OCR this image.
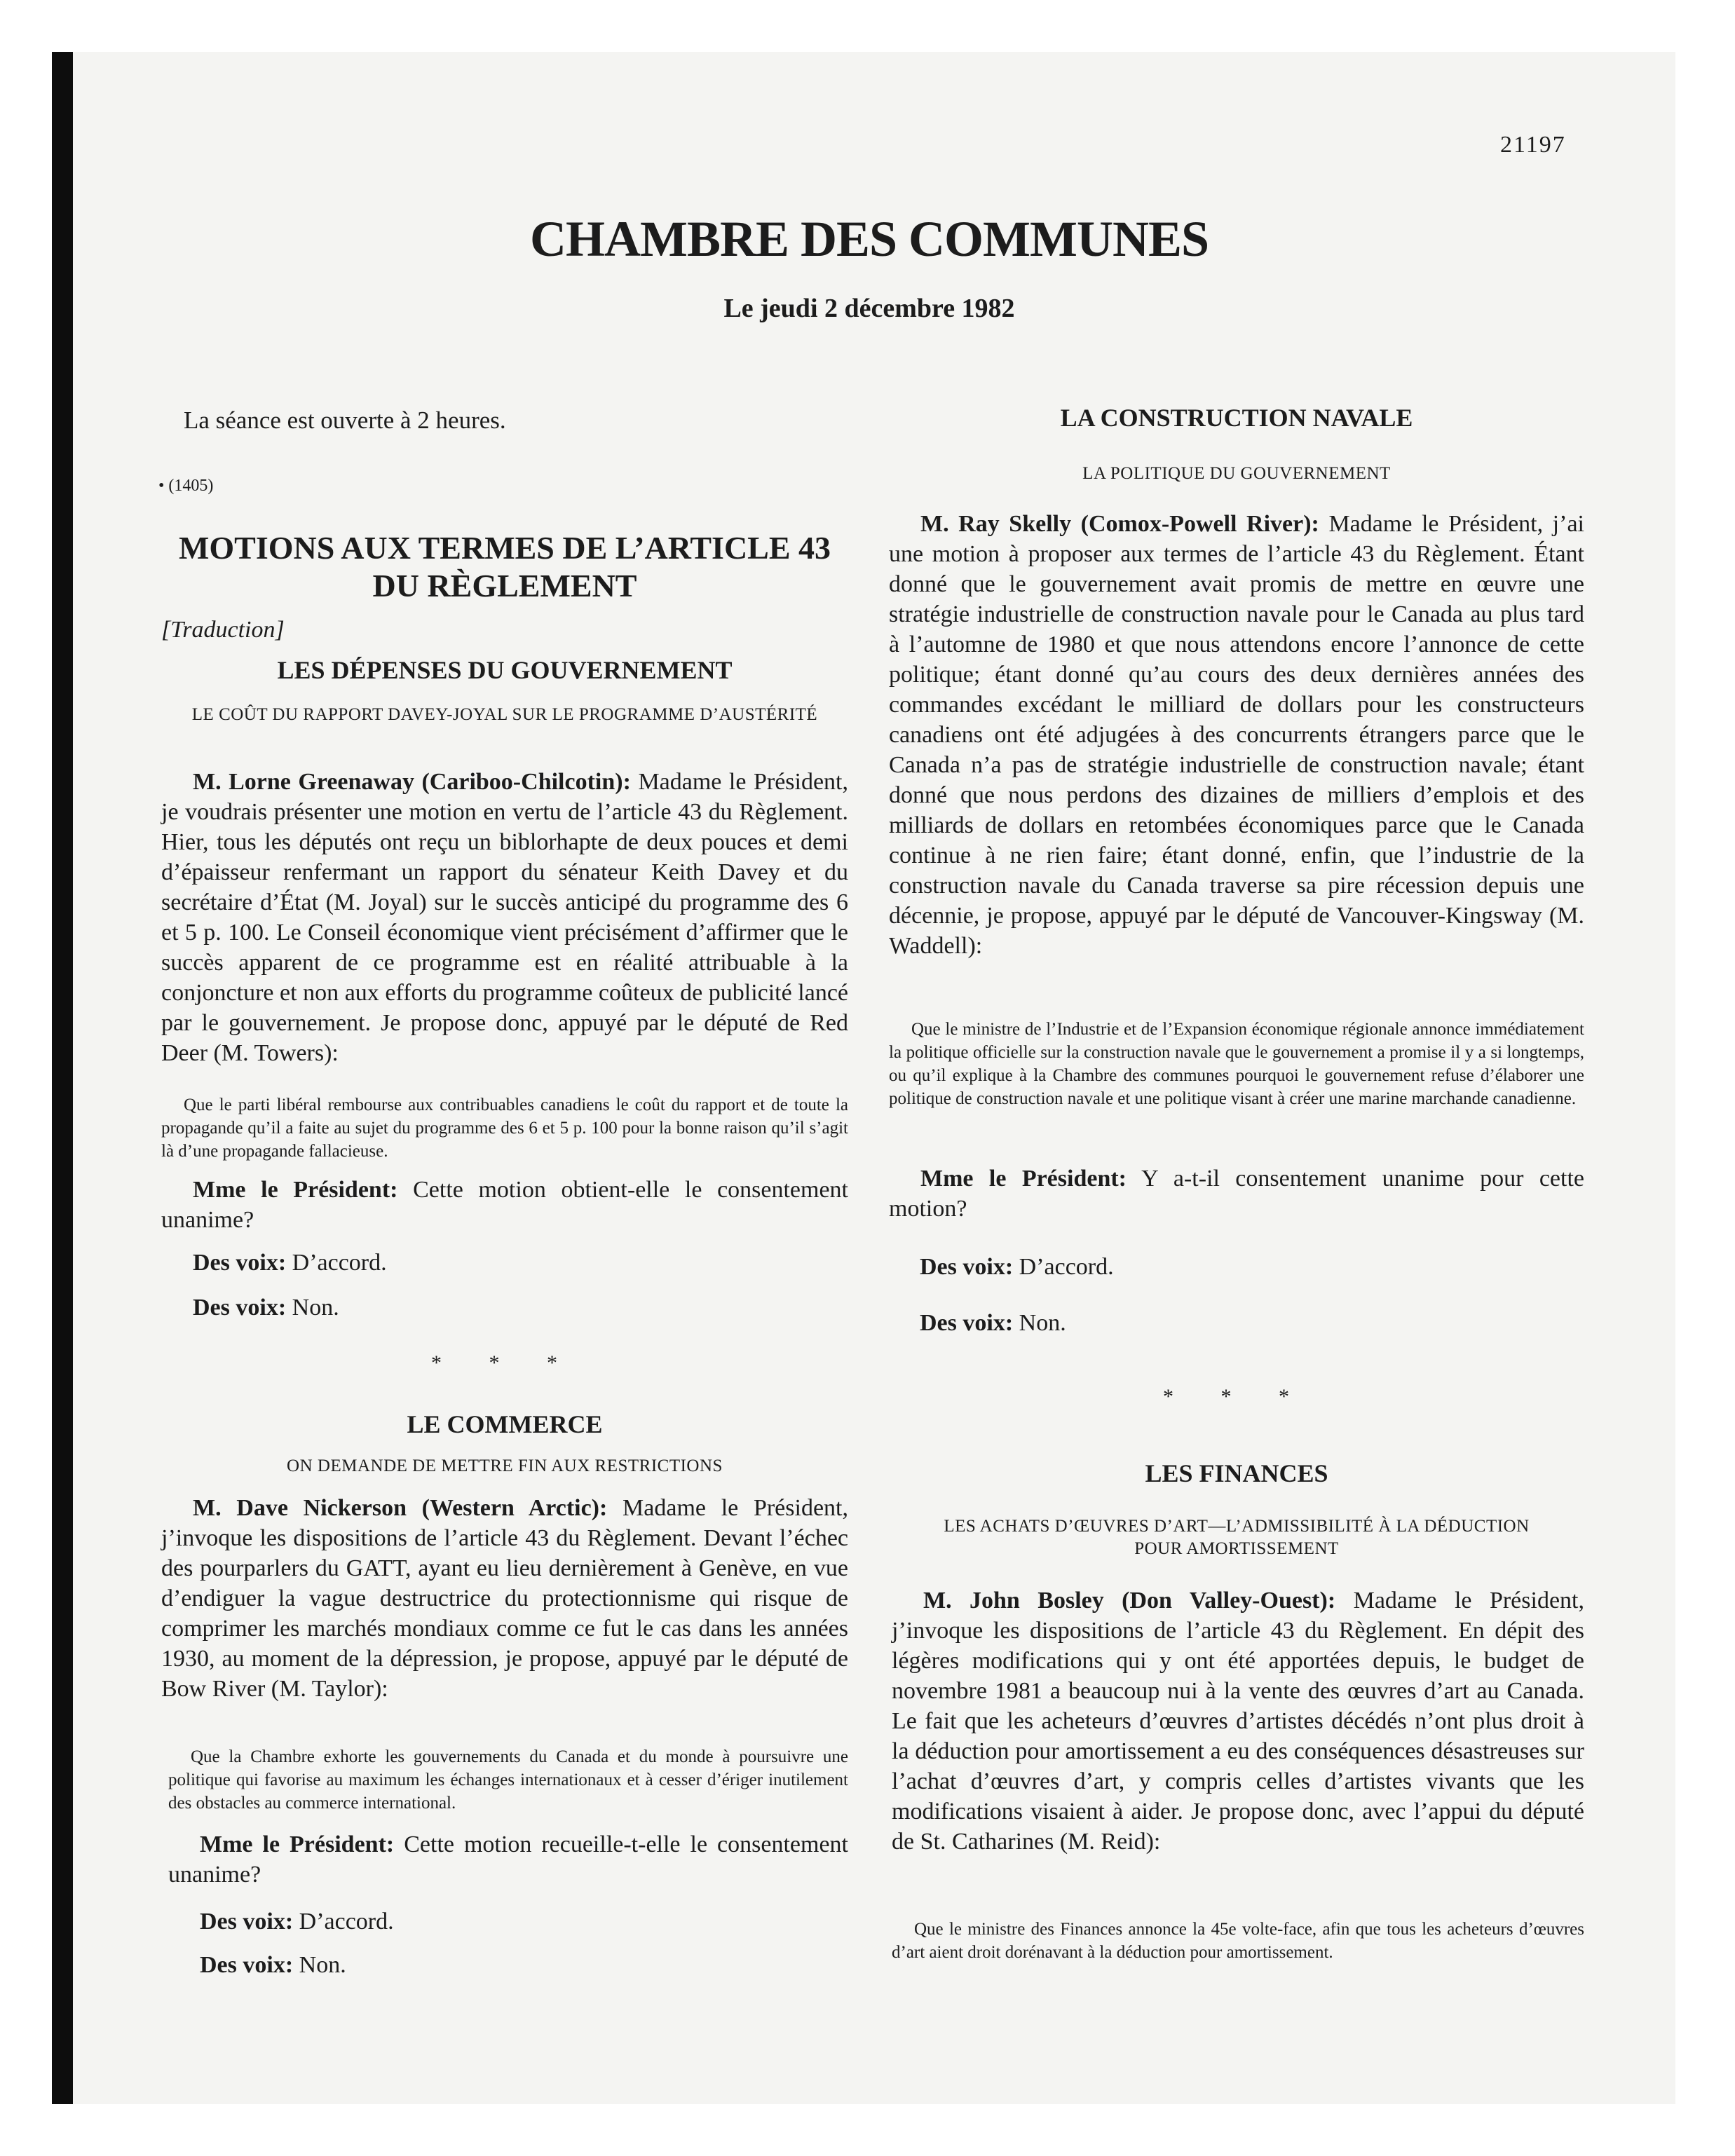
21197
CHAMBRE DES COMMUNES
Le jeudi 2 décembre 1982
La séance est ouverte à 2 heures.
• (1405)
MOTIONS AUX TERMES DE L’ARTICLE 43
DU RÈGLEMENT
[Traduction]
LES DÉPENSES DU GOUVERNEMENT
LE COÛT DU RAPPORT DAVEY-JOYAL SUR LE PROGRAMME D’AUSTÉRITÉ
M. Lorne Greenaway (Cariboo-Chilcotin): Madame le Président, je voudrais présenter une motion en vertu de l’article 43 du Règlement. Hier, tous les députés ont reçu un biblorhapte de deux pouces et demi d’épaisseur renfermant un rapport du sénateur Keith Davey et du secrétaire d’État (M. Joyal) sur le succès anticipé du programme des 6 et 5 p. 100. Le Conseil économique vient précisément d’affirmer que le succès apparent de ce programme est en réalité attribuable à la conjoncture et non aux efforts du programme coûteux de publicité lancé par le gouvernement. Je propose donc, appuyé par le député de Red Deer (M. Towers):
Que le parti libéral rembourse aux contribuables canadiens le coût du rapport et de toute la propagande qu’il a faite au sujet du programme des 6 et 5 p. 100 pour la bonne raison qu’il s’agit là d’une propagande fallacieuse.
Mme le Président: Cette motion obtient-elle le consentement unanime?
Des voix: D’accord.
Des voix: Non.
* * *
LE COMMERCE
ON DEMANDE DE METTRE FIN AUX RESTRICTIONS
M. Dave Nickerson (Western Arctic): Madame le Président, j’invoque les dispositions de l’article 43 du Règlement. Devant l’échec des pourparlers du GATT, ayant eu lieu dernièrement à Genève, en vue d’endiguer la vague destructrice du protectionnisme qui risque de comprimer les marchés mondiaux comme ce fut le cas dans les années 1930, au moment de la dépression, je propose, appuyé par le député de Bow River (M. Taylor):
Que la Chambre exhorte les gouvernements du Canada et du monde à poursuivre une politique qui favorise au maximum les échanges internationaux et à cesser d’ériger inutilement des obstacles au commerce international.
Mme le Président: Cette motion recueille-t-elle le consentement unanime?
Des voix: D’accord.
Des voix: Non.
LA CONSTRUCTION NAVALE
LA POLITIQUE DU GOUVERNEMENT
M. Ray Skelly (Comox-Powell River): Madame le Président, j’ai une motion à proposer aux termes de l’article 43 du Règlement. Étant donné que le gouvernement avait promis de mettre en œuvre une stratégie industrielle de construction navale pour le Canada au plus tard à l’automne de 1980 et que nous attendons encore l’annonce de cette politique; étant donné qu’au cours des deux dernières années des commandes excédant le milliard de dollars pour les constructeurs canadiens ont été adjugées à des concurrents étrangers parce que le Canada n’a pas de stratégie industrielle de construction navale; étant donné que nous perdons des dizaines de milliers d’emplois et des milliards de dollars en retombées économiques parce que le Canada continue à ne rien faire; étant donné, enfin, que l’industrie de la construction navale du Canada traverse sa pire récession depuis une décennie, je propose, appuyé par le député de Vancouver-Kingsway (M. Waddell):
Que le ministre de l’Industrie et de l’Expansion économique régionale annonce immédiatement la politique officielle sur la construction navale que le gouvernement a promise il y a si longtemps, ou qu’il explique à la Chambre des communes pourquoi le gouvernement refuse d’élaborer une politique de construction navale et une politique visant à créer une marine marchande canadienne.
Mme le Président: Y a-t-il consentement unanime pour cette motion?
Des voix: D’accord.
Des voix: Non.
* * *
LES FINANCES
LES ACHATS D’ŒUVRES D’ART—L’ADMISSIBILITÉ À LA DÉDUCTION POUR AMORTISSEMENT
M. John Bosley (Don Valley-Ouest): Madame le Président, j’invoque les dispositions de l’article 43 du Règlement. En dépit des légères modifications qui y ont été apportées depuis, le budget de novembre 1981 a beaucoup nui à la vente des œuvres d’art au Canada. Le fait que les acheteurs d’œuvres d’artistes décédés n’ont plus droit à la déduction pour amortissement a eu des conséquences désastreuses sur l’achat d’œuvres d’art, y compris celles d’artistes vivants que les modifications visaient à aider. Je propose donc, avec l’appui du député de St. Catharines (M. Reid):
Que le ministre des Finances annonce la 45e volte-face, afin que tous les acheteurs d’œuvres d’art aient droit dorénavant à la déduction pour amortissement.
